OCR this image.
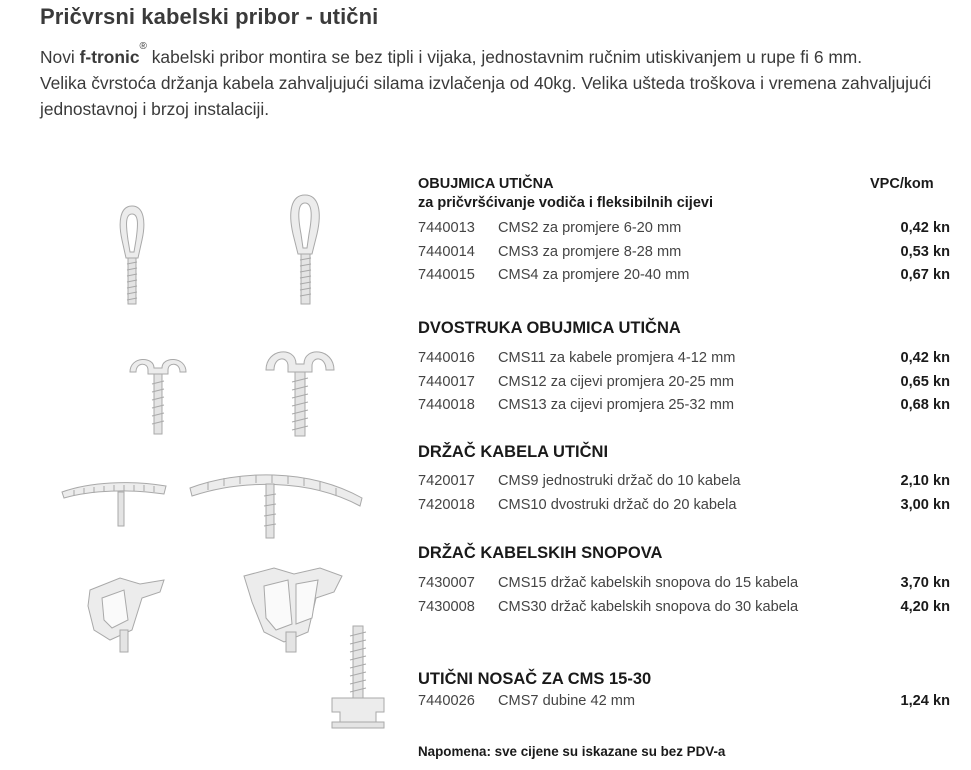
Pričvrsni kabelski pribor - utični
Novi f-tronic® kabelski pribor montira se bez tipli i vijaka, jednostavnim ručnim utiskivanjem u rupe fi 6 mm.
Velika čvrstoća držanja kabela zahvaljujući silama izvlačenja od 40kg. Velika ušteda troškova i vremena zahvaljujući jednostavnoj i brzoj instalaciji.
VPC/kom
OBUJMICA UTIČNA
za pričvršćivanje vodiča i fleksibilnih cijevi
7440013 CMS2 za promjere 6-20 mm	0,42 kn
7440014 CMS3 za promjere 8-28 mm	0,53 kn
7440015 CMS4 za promjere 20-40 mm	0,67 kn
DVOSTRUKA OBUJMICA UTIČNA
7440016 CMS11 za kabele promjera 4-12 mm	0,42 kn
7440017 CMS12 za cijevi promjera 20-25 mm	0,65 kn
7440018 CMS13 za cijevi promjera 25-32 mm	0,68 kn
DRŽAČ KABELA UTIČNI
7420017 CMS9 jednostruki držač do 10 kabela	2,10 kn
7420018 CMS10 dvostruki držač do 20 kabela	3,00 kn
DRŽAČ KABELSKIH SNOPOVA
7430007 CMS15 držač kabelskih snopova do 15 kabela	3,70 kn
7430008 CMS30 držač kabelskih snopova do 30 kabela	4,20 kn
UTIČNI NOSAČ ZA CMS 15-30
7440026 CMS7 dubine 42 mm	1,24 kn
Napomena: sve cijene su iskazane su bez PDV-a
